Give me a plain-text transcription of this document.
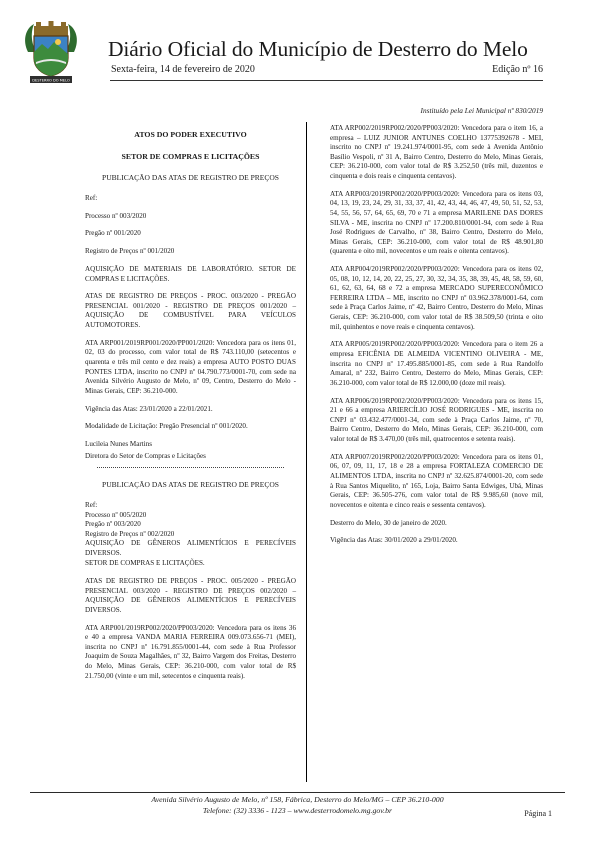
DESTERRO DO MELO
Diário Oficial do Município de Desterro do Melo
Sexta-feira, 14 de fevereiro de 2020	Edição nº 16
Instituído pela Lei Municipal nº 830/2019
ATOS DO PODER EXECUTIVO
SETOR DE COMPRAS E LICITAÇÕES
PUBLICAÇÃO DAS ATAS DE REGISTRO DE PREÇOS

Ref:

Processo nº 003/2020

Pregão nº 001/2020

Registro de Preços nº 001/2020

AQUISIÇÃO DE MATERIAIS DE LABORATÓRIO. SETOR DE COMPRAS E LICITAÇÕES.

ATAS DE REGISTRO DE PREÇOS - PROC. 003/2020 - PREGÃO PRESENCIAL 001/2020 - REGISTRO DE PREÇOS 001/2020 – AQUISIÇÃO DE COMBUSTÍVEL PARA VEÍCULOS AUTOMOTORES.

ATA ARP001/2019RP001/2020/PP001/2020: Vencedora para os itens 01, 02, 03 do processo, com valor total de R$ 743.110,00 (setecentos e quarenta e três mil cento e dez reais) a empresa AUTO POSTO DUAS PONTES LTDA, inscrito no CNPJ nº 04.790.773/0001-70, com sede na Avenida Silvério Augusto de Melo, nº 09, Centro, Desterro do Melo - Minas Gerais, CEP: 36.210-000.

Vigência das Atas: 23/01/2020 a 22/01/2021.

Modalidade de Licitação: Pregão Presencial nº 001/2020.

Lucileia Nunes Martins
Diretora do Setor de Compras e Licitações
PUBLICAÇÃO DAS ATAS DE REGISTRO DE PREÇOS

Ref:

Processo nº 005/2020

Pregão nº 003/2020

Registro de Preços nº 002/2020

AQUISIÇÃO DE GÊNEROS ALIMENTÍCIOS E PERECÍVEIS DIVERSOS.

SETOR DE COMPRAS E LICITAÇÕES.

ATAS DE REGISTRO DE PREÇOS - PROC. 005/2020 - PREGÃO PRESENCIAL 003/2020 - REGISTRO DE PREÇOS 002/2020 – AQUISIÇÃO DE GÊNEROS ALIMENTÍCIOS E PERECÍVEIS DIVERSOS.

ATA ARP001/2019RP002/2020/PP003/2020: Vencedora para os itens 36 e 40 a empresa VANDA MARIA FERREIRA 009.073.656-71 (MEI), inscrita no CNPJ nº 16.791.855/0001-44, com sede à Rua Professor Joaquim de Souza Magalhães, nº 32, Bairro Vargem dos Freitas, Desterro do Melo, Minas Gerais, CEP: 36.210-000, com valor total de R$ 21.750,00 (vinte e um mil, setecentos e cinquenta reais).

ATA ARP002/2019RP002/2020/PP003/2020: Vencedora para o item 16, a empresa – LUIZ JUNIOR ANTUNES COELHO 13775392678 - MEI, inscrito no CNPJ nº 19.241.974/0001-95, com sede à Avenida Antônio Basílio Vespoli, nº 31 A, Bairro Centro, Desterro do Melo, Minas Gerais, CEP: 36.210-000, com valor total de R$ 3.252,50 (três mil, duzentos e cinquenta e dois reais e cinquenta centavos).

ATA ARP003/2019RP002/2020/PP003/2020: Vencedora para os itens 03, 04, 13, 19, 23, 24, 29, 31, 33, 37, 41, 42, 43, 44, 46, 47, 49, 50, 51, 52, 53, 54, 55, 56, 57, 64, 65, 69, 70 e 71 a empresa MARILENE DAS DORES SILVA - ME, inscrita no CNPJ nº 17.200.810/0001-94, com sede à Rua José Rodrigues de Carvalho, nº 38, Bairro Centro, Desterro do Melo, Minas Gerais, CEP: 36.210-000, com valor total de R$ 48.901,80 (quarenta e oito mil, novecentos e um reais e oitenta centavos).

ATA ARP004/2019RP002/2020/PP003/2020: Vencedora para os itens 02, 05, 08, 10, 12, 14, 20, 22, 25, 27, 30, 32, 34, 35, 38, 39, 45, 48, 58, 59, 60, 61, 62, 63, 64, 68 e 72 a empresa MERCADO SUPERECONÔMICO FERREIRA LTDA – ME, inscrito no CNPJ nº 03.962.378/0001-64, com sede à Praça Carlos Jaime, nº 42, Bairro Centro, Desterro do Melo, Minas Gerais, CEP: 36.210-000, com valor total de R$ 38.509,50 (trinta e oito mil, quinhentos e nove reais e cinquenta centavos).

ATA ARP005/2019RP002/2020/PP003/2020: Vencedora para o item 26 a empresa EFICÊNIA DE ALMEIDA VICENTINO OLIVEIRA - ME, inscrita no CNPJ nº 17.495.885/0001-85, com sede à Rua Randolfo Amaral, nº 232, Bairro Centro, Desterro do Melo, Minas Gerais, CEP: 36.210-000, com valor total de R$ 12.000,00 (doze mil reais).

ATA ARP006/2019RP002/2020/PP003/2020: Vencedora para os itens 15, 21 e 66 a empresa ARIERCÍLIO JOSÉ RODRIGUES - ME, inscrita no CNPJ nº 03.432.477/0001-34, com sede à Praça Carlos Jaime, nº 70, Bairro Centro, Desterro do Melo, Minas Gerais, CEP: 36.210-000, com valor total de R$ 3.470,00 (três mil, quatrocentos e setenta reais).

ATA ARP007/2019RP002/2020/PP003/2020: Vencedora para os itens 01, 06, 07, 09, 11, 17, 18 e 28 a empresa FORTALEZA COMERCIO DE ALIMENTOS LTDA, inscrita no CNPJ nº 32.625.874/0001-20, com sede à Rua Santos Miquelito, nº 165, Loja, Bairro Santa Edwiges, Ubá, Minas Gerais, CEP: 36.505-276, com valor total de R$ 9.985,60 (nove mil, novecentos e oitenta e cinco reais e sessenta centavos).

Desterro do Melo, 30 de janeiro de 2020.

Vigência das Atas: 30/01/2020 a 29/01/2020.

Avenida Silvério Augusto de Melo, nº 158, Fábrica, Desterro do Melo/MG – CEP 36.210-000
Telefone: (32) 3336 - 1123 – www.desterrodomelo.mg.gov.br	Página 1
